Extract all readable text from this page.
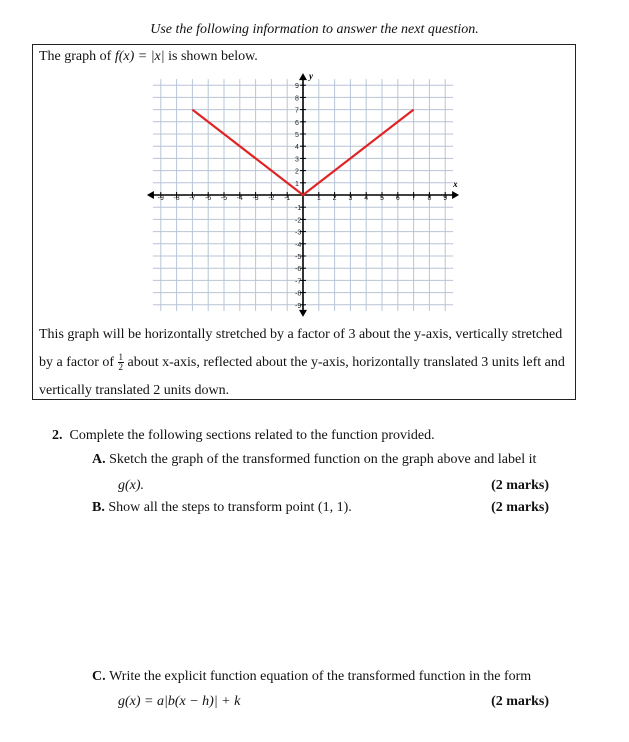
Use the following information to answer the next question.
The graph of f(x) = |x| is shown below.
x
y
-9 -8 -7 -6 -5 -4 -3 -2 -1	1 2 3 4 5 6 7 8 9
9
8
7
6
5
4
3
2
1
-1
-2
-3
-4
-5
-6
-7
-8
-9
This graph will be horizontally stretched by a factor of 3 about the y-axis, vertically stretched by a factor of $\frac{1}{2}$ about x-axis, reflected about the y-axis, horizontally translated 3 units left and vertically translated 2 units down.
2. Complete the following sections related to the function provided.
A. Sketch the graph of the transformed function on the graph above and label it
g(x).	(2 marks)
B. Show all the steps to transform point (1, 1).	(2 marks)
C. Write the explicit function equation of the transformed function in the form
g(x) = a|b(x − h)| + k	(2 marks)
